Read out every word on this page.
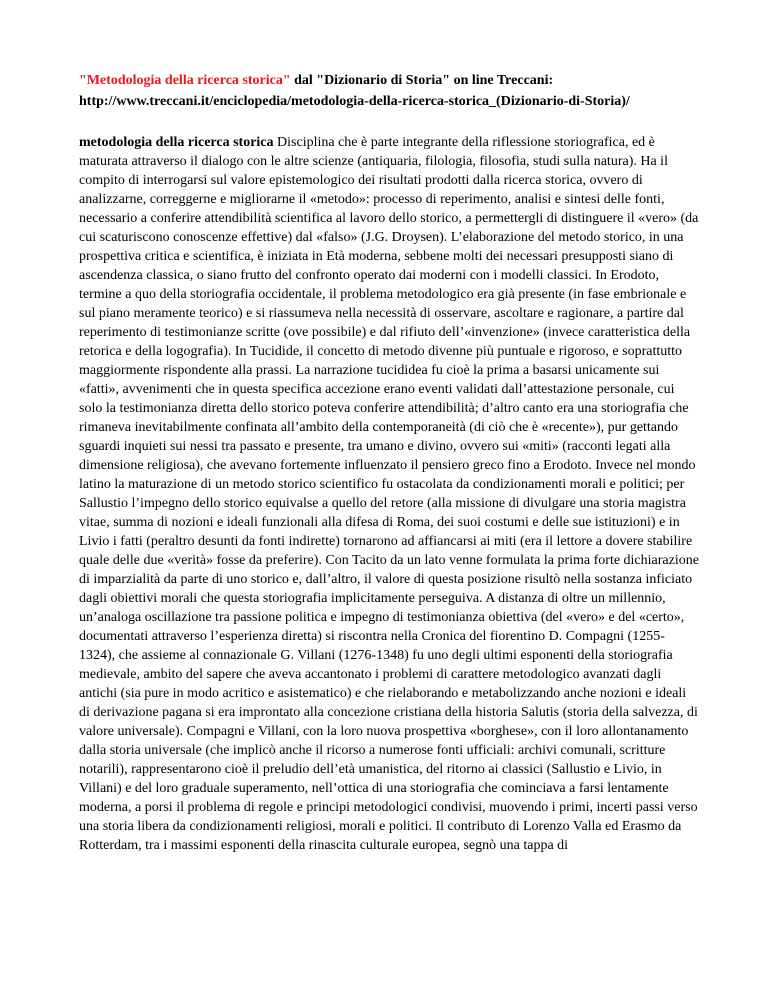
"Metodologia della ricerca storica" dal "Dizionario di Storia" on line Treccani:
http://www.treccani.it/enciclopedia/metodologia-della-ricerca-storica_(Dizionario-di-Storia)/

metodologia della ricerca storica Disciplina che è parte integrante della riflessione storiografica, ed è maturata attraverso il dialogo con le altre scienze (antiquaria, filologia, filosofia, studi sulla natura). Ha il compito di interrogarsi sul valore epistemologico dei risultati prodotti dalla ricerca storica, ovvero di analizzarne, correggerne e migliorarne il «metodo»: processo di reperimento, analisi e sintesi delle fonti, necessario a conferire attendibilità scientifica al lavoro dello storico, a permettergli di distinguere il «vero» (da cui scaturiscono conoscenze effettive) dal «falso» (J.G. Droysen). L’elaborazione del metodo storico, in una prospettiva critica e scientifica, è iniziata in Età moderna, sebbene molti dei necessari presupposti siano di ascendenza classica, o siano frutto del confronto operato dai moderni con i modelli classici. In Erodoto, termine a quo della storiografia occidentale, il problema metodologico era già presente (in fase embrionale e sul piano meramente teorico) e si riassumeva nella necessità di osservare, ascoltare e ragionare, a partire dal reperimento di testimonianze scritte (ove possibile) e dal rifiuto dell’«invenzione» (invece caratteristica della retorica e della logografia). In Tucidide, il concetto di metodo divenne più puntuale e rigoroso, e soprattutto maggiormente rispondente alla prassi. La narrazione tucididea fu cioè la prima a basarsi unicamente sui «fatti», avvenimenti che in questa specifica accezione erano eventi validati dall’attestazione personale, cui solo la testimonianza diretta dello storico poteva conferire attendibilità; d’altro canto era una storiografia che rimaneva inevitabilmente confinata all’ambito della contemporaneità (di ciò che è «recente»), pur gettando sguardi inquieti sui nessi tra passato e presente, tra umano e divino, ovvero sui «miti» (racconti legati alla dimensione religiosa), che avevano fortemente influenzato il pensiero greco fino a Erodoto. Invece nel mondo latino la maturazione di un metodo storico scientifico fu ostacolata da condizionamenti morali e politici; per Sallustio l’impegno dello storico equivalse a quello del retore (alla missione di divulgare una storia magistra vitae, summa di nozioni e ideali funzionali alla difesa di Roma, dei suoi costumi e delle sue istituzioni) e in Livio i fatti (peraltro desunti da fonti indirette) tornarono ad affiancarsi ai miti (era il lettore a dovere stabilire quale delle due «verità» fosse da preferire). Con Tacito da un lato venne formulata la prima forte dichiarazione di imparzialità da parte di uno storico e, dall’altro, il valore di questa posizione risultò nella sostanza inficiato dagli obiettivi morali che questa storiografia implicitamente perseguiva. A distanza di oltre un millennio, un’analoga oscillazione tra passione politica e impegno di testimonianza obiettiva (del «vero» e del «certo», documentati attraverso l’esperienza diretta) si riscontra nella Cronica del fiorentino D. Compagni (1255-1324), che assieme al connazionale G. Villani (1276-1348) fu uno degli ultimi esponenti della storiografia medievale, ambito del sapere che aveva accantonato i problemi di carattere metodologico avanzati dagli antichi (sia pure in modo acritico e asistematico) e che rielaborando e metabolizzando anche nozioni e ideali di derivazione pagana si era improntato alla concezione cristiana della historia Salutis (storia della salvezza, di valore universale). Compagni e Villani, con la loro nuova prospettiva «borghese», con il loro allontanamento dalla storia universale (che implicò anche il ricorso a numerose fonti ufficiali: archivi comunali, scritture notarili), rappresentarono cioè il preludio dell’età umanistica, del ritorno ai classici (Sallustio e Livio, in Villani) e del loro graduale superamento, nell’ottica di una storiografia che cominciava a farsi lentamente moderna, a porsi il problema di regole e principi metodologici condivisi, muovendo i primi, incerti passi verso una storia libera da condizionamenti religiosi, morali e politici. Il contributo di Lorenzo Valla ed Erasmo da Rotterdam, tra i massimi esponenti della rinascita culturale europea, segnò una tappa di
